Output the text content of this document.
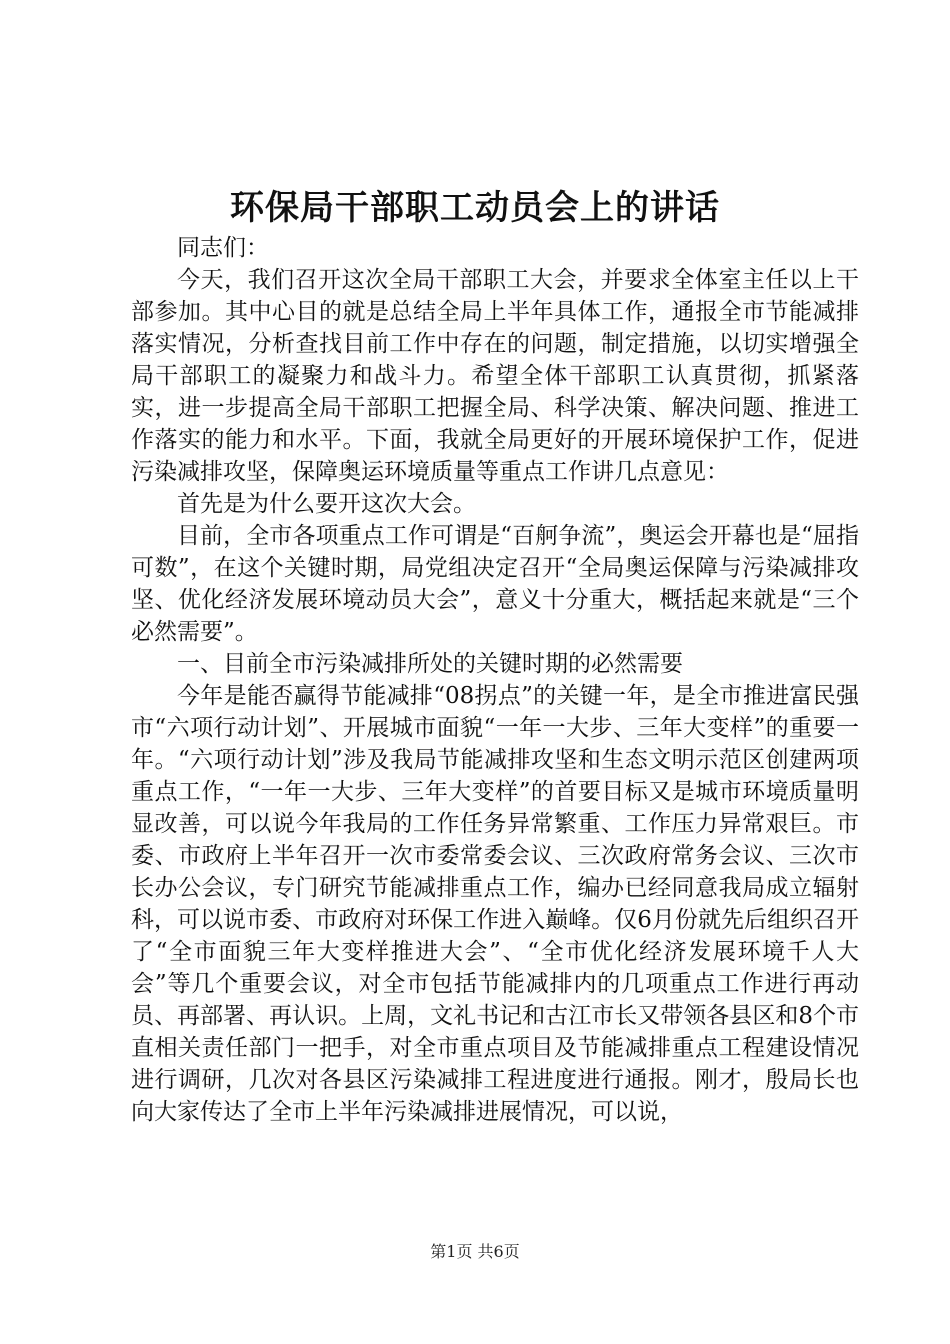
环保局干部职工动员会上的讲话

同志们：

今天，我们召开这次全局干部职工大会，并要求全体室主任以上干部参加。其中心目的就是总结全局上半年具体工作，通报全市节能减排落实情况，分析查找目前工作中存在的问题，制定措施，以切实增强全局干部职工的凝聚力和战斗力。希望全体干部职工认真贯彻，抓紧落实，进一步提高全局干部职工把握全局、科学决策、解决问题、推进工作落实的能力和水平。下面，我就全局更好的开展环境保护工作，促进污染减排攻坚，保障奥运环境质量等重点工作讲几点意见：

首先是为什么要开这次大会。

目前，全市各项重点工作可谓是“百舸争流”，奥运会开幕也是“屈指可数”，在这个关键时期，局党组决定召开“全局奥运保障与污染减排攻坚、优化经济发展环境动员大会”，意义十分重大，概括起来就是“三个必然需要”。

一、目前全市污染减排所处的关键时期的必然需要

今年是能否赢得节能减排“08拐点”的关键一年，是全市推进富民强市“六项行动计划”、开展城市面貌“一年一大步、三年大变样”的重要一年。“六项行动计划”涉及我局节能减排攻坚和生态文明示范区创建两项重点工作，“一年一大步、三年大变样”的首要目标又是城市环境质量明显改善，可以说今年我局的工作任务异常繁重、工作压力异常艰巨。市委、市政府上半年召开一次市委常委会议、三次政府常务会议、三次市长办公会议，专门研究节能减排重点工作，编办已经同意我局成立辐射科，可以说市委、市政府对环保工作进入巅峰。仅6月份就先后组织召开了“全市面貌三年大变样推进大会”、“全市优化经济发展环境千人大会”等几个重要会议，对全市包括节能减排内的几项重点工作进行再动员、再部署、再认识。上周，文礼书记和古江市长又带领各县区和8个市直相关责任部门一把手，对全市重点项目及节能减排重点工程建设情况进行调研，几次对各县区污染减排工程进度进行通报。刚才，殷局长也向大家传达了全市上半年污染减排进展情况，可以说，

第1页 共6页
